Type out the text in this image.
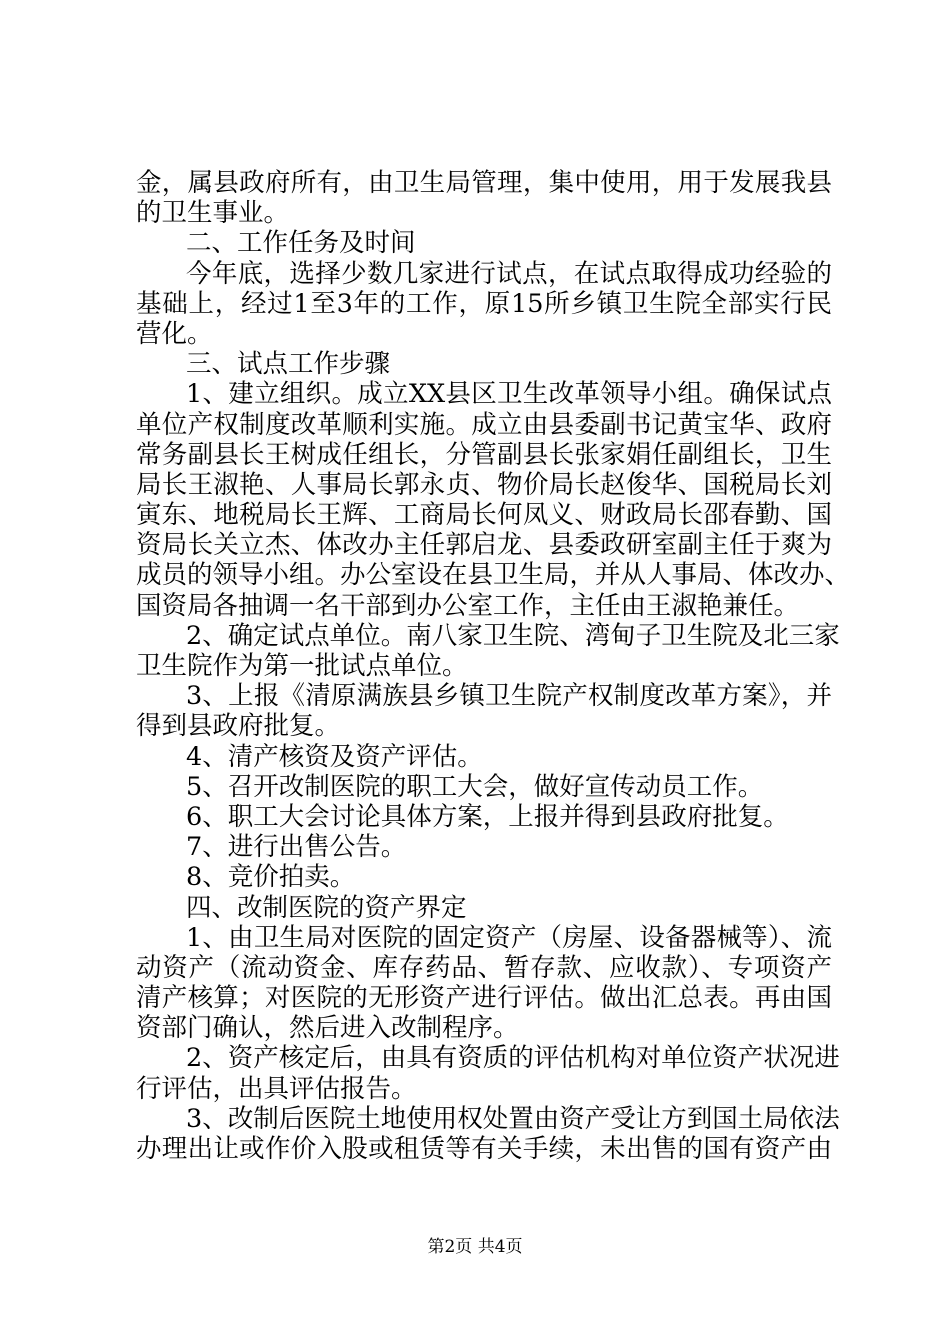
金，属县政府所有，由卫生局管理，集中使用，用于发展我县
的卫生事业。
二、工作任务及时间
今年底，选择少数几家进行试点，在试点取得成功经验的
基础上，经过1至3年的工作，原15所乡镇卫生院全部实行民
营化。
三、试点工作步骤
1、建立组织。成立XX县区卫生改革领导小组。确保试点
单位产权制度改革顺利实施。成立由县委副书记黄宝华、政府
常务副县长王树成任组长，分管副县长张家娟任副组长，卫生
局长王淑艳、人事局长郭永贞、物价局长赵俊华、国税局长刘
寅东、地税局长王辉、工商局长何凤义、财政局长邵春勤、国
资局长关立杰、体改办主任郭启龙、县委政研室副主任于爽为
成员的领导小组。办公室设在县卫生局，并从人事局、体改办、
国资局各抽调一名干部到办公室工作，主任由王淑艳兼任。
2、确定试点单位。南八家卫生院、湾甸子卫生院及北三家
卫生院作为第一批试点单位。
3、上报《清原满族县乡镇卫生院产权制度改革方案》，并
得到县政府批复。
4、清产核资及资产评估。
5、召开改制医院的职工大会，做好宣传动员工作。
6、职工大会讨论具体方案，上报并得到县政府批复。
7、进行出售公告。
8、竞价拍卖。
四、改制医院的资产界定
1、由卫生局对医院的固定资产（房屋、设备器械等）、流
动资产（流动资金、库存药品、暂存款、应收款）、专项资产
清产核算；对医院的无形资产进行评估。做出汇总表。再由国
资部门确认，然后进入改制程序。
2、资产核定后，由具有资质的评估机构对单位资产状况进
行评估，出具评估报告。
3、改制后医院土地使用权处置由资产受让方到国土局依法
办理出让或作价入股或租赁等有关手续，未出售的国有资产由
第2页 共4页
